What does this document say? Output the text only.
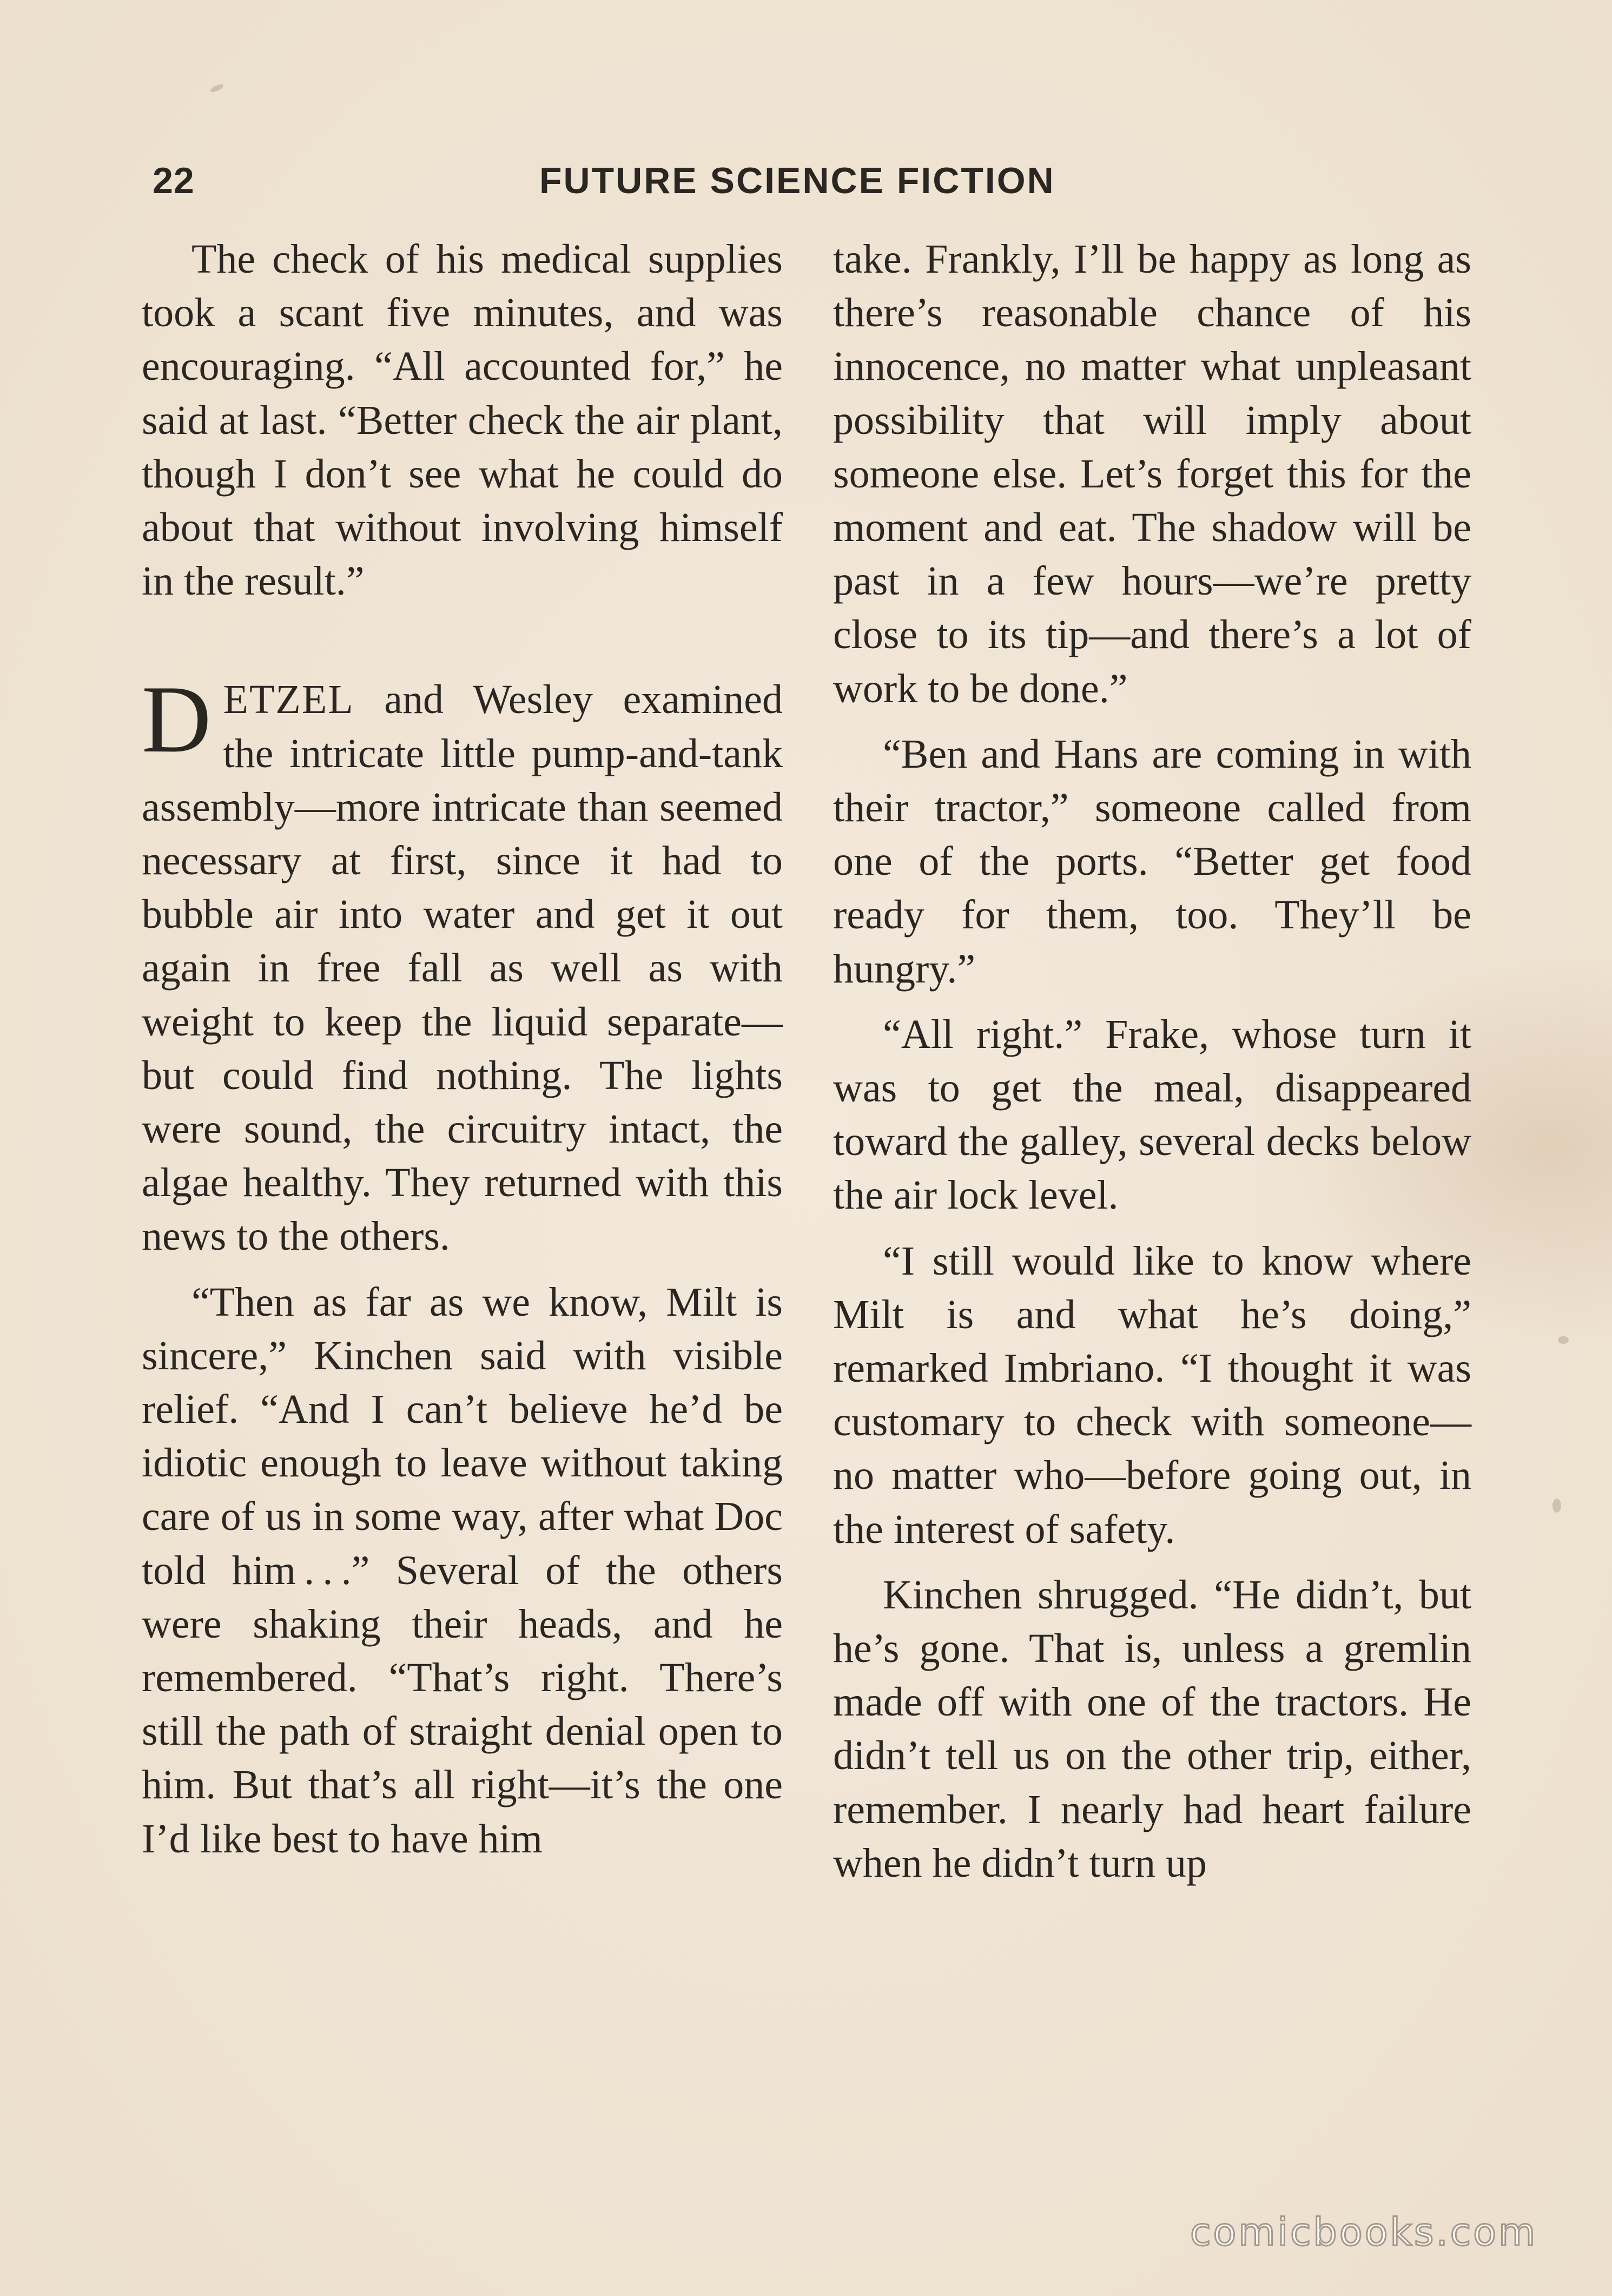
22	FUTURE SCIENCE FICTION

The check of his medical supplies took a scant five minutes, and was encouraging. “All accounted for,” he said at last. “Better check the air plant, though I don’t see what he could do about that without involving himself in the result.”

DETZEL and Wesley examined the intricate little pump-and-tank assembly—more intricate than seemed necessary at first, since it had to bubble air into water and get it out again in free fall as well as with weight to keep the liquid separate—but could find nothing. The lights were sound, the circuitry intact, the algae healthy. They returned with this news to the others.

“Then as far as we know, Milt is sincere,” Kinchen said with visible relief. “And I can’t believe he’d be idiotic enough to leave without taking care of us in some way, after what Doc told him . . .” Several of the others were shaking their heads, and he remembered. “That’s right. There’s still the path of straight denial open to him. But that’s all right—it’s the one I’d like best to have him

take. Frankly, I’ll be happy as long as there’s reasonable chance of his innocence, no matter what unpleasant possibility that will imply about someone else. Let’s forget this for the moment and eat. The shadow will be past in a few hours—we’re pretty close to its tip—and there’s a lot of work to be done.”

“Ben and Hans are coming in with their tractor,” someone called from one of the ports. “Better get food ready for them, too. They’ll be hungry.”

“All right.” Frake, whose turn it was to get the meal, disappeared toward the galley, several decks below the air lock level.

“I still would like to know where Milt is and what he’s doing,” remarked Imbriano. “I thought it was customary to check with someone—no matter who—before going out, in the interest of safety.

Kinchen shrugged. “He didn’t, but he’s gone. That is, unless a gremlin made off with one of the tractors. He didn’t tell us on the other trip, either, remember. I nearly had heart failure when he didn’t turn up

comicbooks.com
